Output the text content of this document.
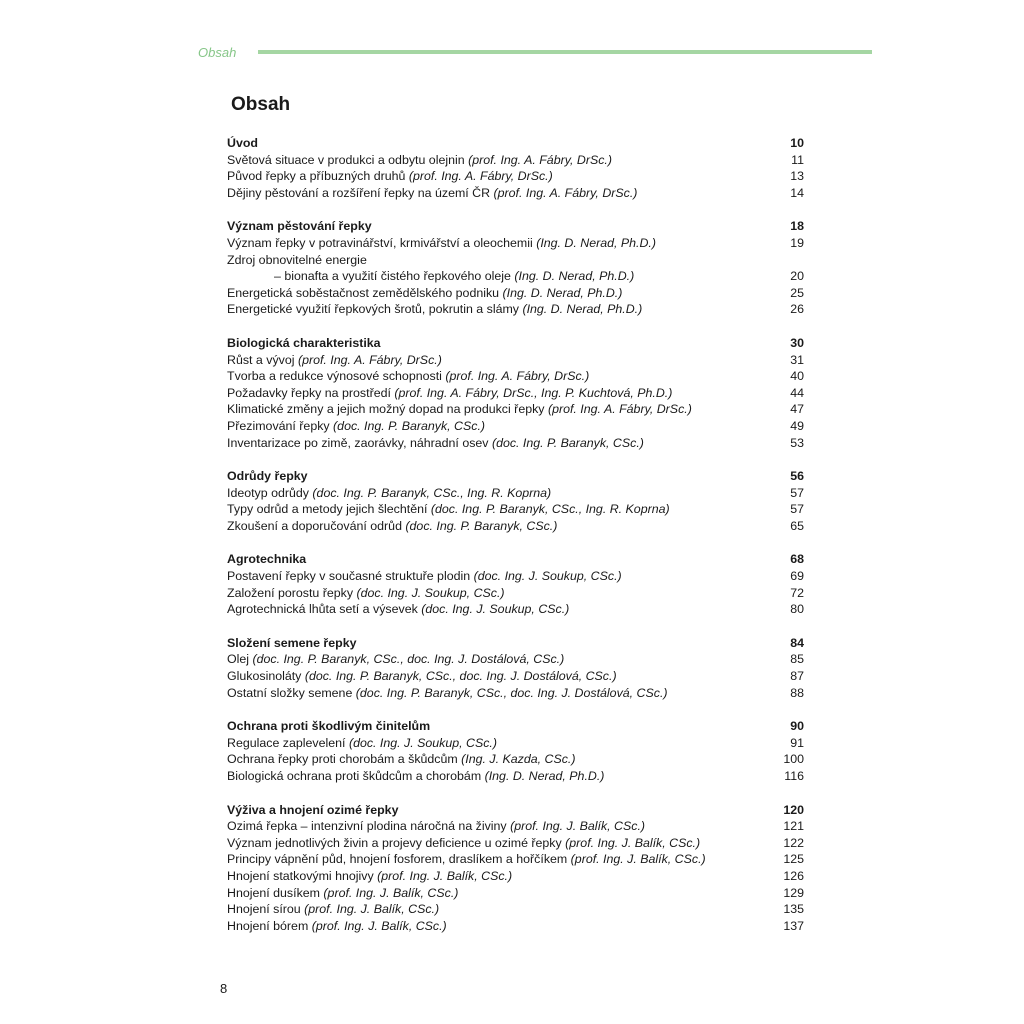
Obsah
Obsah
Úvod	10
Světová situace v produkci a odbytu olejnin (prof. Ing. A. Fábry, DrSc.)	11
Původ řepky a příbuzných druhů (prof. Ing. A. Fábry, DrSc.)	13
Dějiny pěstování a rozšíření řepky na území ČR (prof. Ing. A. Fábry, DrSc.)	14
Význam pěstování řepky	18
Význam řepky v potravinářství, krmivářství a oleochemii (Ing. D. Nerad, Ph.D.)	19
Zdroj obnovitelné energie
– bionafta a využití čistého řepkového oleje (Ing. D. Nerad, Ph.D.)	20
Energetická soběstačnost zemědělského podniku (Ing. D. Nerad, Ph.D.)	25
Energetické využití řepkových šrotů, pokrutin a slámy (Ing. D. Nerad, Ph.D.)	26
Biologická charakteristika	30
Růst a vývoj (prof. Ing. A. Fábry, DrSc.)	31
Tvorba a redukce výnosové schopnosti (prof. Ing. A. Fábry, DrSc.)	40
Požadavky řepky na prostředí (prof. Ing. A. Fábry, DrSc., Ing. P. Kuchtová, Ph.D.)	44
Klimatické změny a jejich možný dopad na produkci řepky (prof. Ing. A. Fábry, DrSc.)	47
Přezimování řepky (doc. Ing. P. Baranyk, CSc.)	49
Inventarizace po zimě, zaorávky, náhradní osev (doc. Ing. P. Baranyk, CSc.)	53
Odrůdy řepky	56
Ideotyp odrůdy (doc. Ing. P. Baranyk, CSc., Ing. R. Koprna)	57
Typy odrůd a metody jejich šlechtění (doc. Ing. P. Baranyk, CSc., Ing. R. Koprna)	57
Zkoušení a doporučování odrůd (doc. Ing. P. Baranyk, CSc.)	65
Agrotechnika	68
Postavení řepky v současné struktuře plodin (doc. Ing. J. Soukup, CSc.)	69
Založení porostu řepky (doc. Ing. J. Soukup, CSc.)	72
Agrotechnická lhůta setí a výsevek (doc. Ing. J. Soukup, CSc.)	80
Složení semene řepky	84
Olej (doc. Ing. P. Baranyk, CSc., doc. Ing. J. Dostálová, CSc.)	85
Glukosinoláty (doc. Ing. P. Baranyk, CSc., doc. Ing. J. Dostálová, CSc.)	87
Ostatní složky semene (doc. Ing. P. Baranyk, CSc., doc. Ing. J. Dostálová, CSc.)	88
Ochrana proti škodlivým činitelům	90
Regulace zaplevelení (doc. Ing. J. Soukup, CSc.)	91
Ochrana řepky proti chorobám a škůdcům (Ing. J. Kazda, CSc.)	100
Biologická ochrana proti škůdcům a chorobám (Ing. D. Nerad, Ph.D.)	116
Výživa a hnojení ozimé řepky	120
Ozimá řepka – intenzivní plodina náročná na živiny (prof. Ing. J. Balík, CSc.)	121
Význam jednotlivých živin a projevy deficience u ozimé řepky (prof. Ing. J. Balík, CSc.)	122
Principy vápnění půd, hnojení fosforem, draslíkem a hořčíkem (prof. Ing. J. Balík, CSc.)	125
Hnojení statkovými hnojivy (prof. Ing. J. Balík, CSc.)	126
Hnojení dusíkem (prof. Ing. J. Balík, CSc.)	129
Hnojení sírou (prof. Ing. J. Balík, CSc.)	135
Hnojení bórem (prof. Ing. J. Balík, CSc.)	137
8
